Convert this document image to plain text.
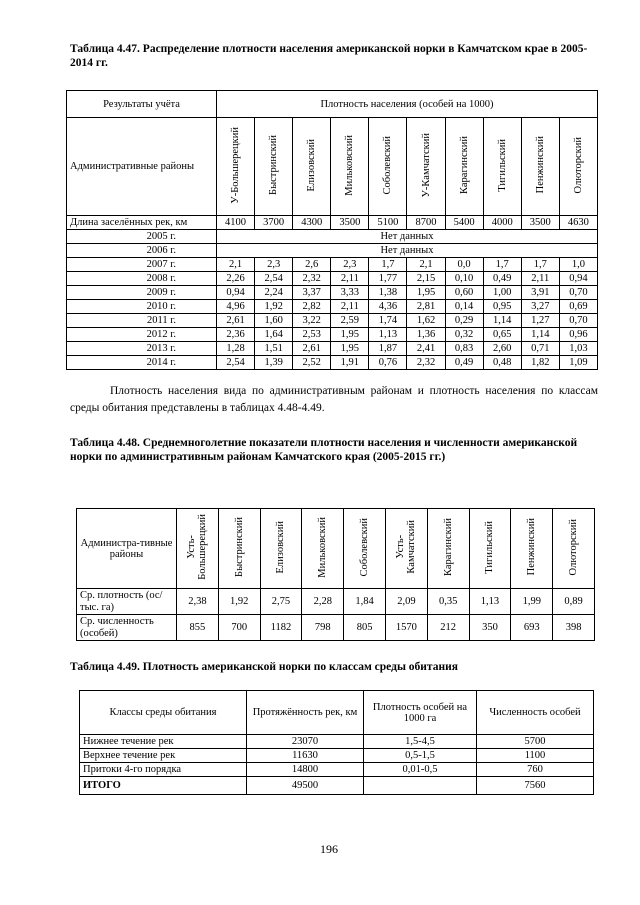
Таблица 4.47. Распределение плотности населения американской норки в Камчатском крае в 2005-2014 гг.
Результаты учёта	Плотность населения (особей на 1000)									
Административные районы	У-Большерецкий	Быстринский	Елизовский	Мильковский	Соболевский	У-Камчатский	Карагинский	Тигильский	Пенжинский	Олюторский
Длина заселённых рек, км	4100	3700	4300	3500	5100	8700	5400	4000	3500	4630
2005 г.	Нет данных									
2006 г.	Нет данных									
2007 г.	2,1	2,3	2,6	2,3	1,7	2,1	0,0	1,7	1,7	1,0
2008 г.	2,26	2,54	2,32	2,11	1,77	2,15	0,10	0,49	2,11	0,94
2009 г.	0,94	2,24	3,37	3,33	1,38	1,95	0,60	1,00	3,91	0,70
2010 г.	4,96	1,92	2,82	2,11	4,36	2,81	0,14	0,95	3,27	0,69
2011 г.	2,61	1,60	3,22	2,59	1,74	1,62	0,29	1,14	1,27	0,70
2012 г.	2,36	1,64	2,53	1,95	1,13	1,36	0,32	0,65	1,14	0,96
2013 г.	1,28	1,51	2,61	1,95	1,87	2,41	0,83	2,60	0,71	1,03
2014 г.	2,54	1,39	2,52	1,91	0,76	2,32	0,49	0,48	1,82	1,09
Плотность населения вида по административным районам и плотность населения по классам среды обитания представлены в таблицах 4.48-4.49.
Таблица 4.48. Среднемноголетние показатели плотности населения и численности американской норки по административным районам Камчатского края (2005-2015 гг.)
Администра-тивные районы	Усть- Большерецкий	Быстринский	Елизовский	Мильковский	Соболевский	Усть- Камчатский	Карагинский	Тигильский	Пенжинский	Олюторский

Ср. плотность (ос/тыс. га)	2,38	1,92	2,75	2,28	1,84	2,09	0,35	1,13	1,99	0,89
Ср. численность (особей)	855	700	1182	798	805	1570	212	350	693	398
Таблица 4.49. Плотность американской норки по классам среды обитания
Классы среды обитания	Протяжённость рек, км	Плотность особей на 1000 га	Численность особей
Нижнее течение рек	23070	1,5-4,5	5700
Верхнее течение рек	11630	0,5-1,5	1100
Притоки 4-го порядка	14800	0,01-0,5	760
ИТОГО	49500		7560
196
